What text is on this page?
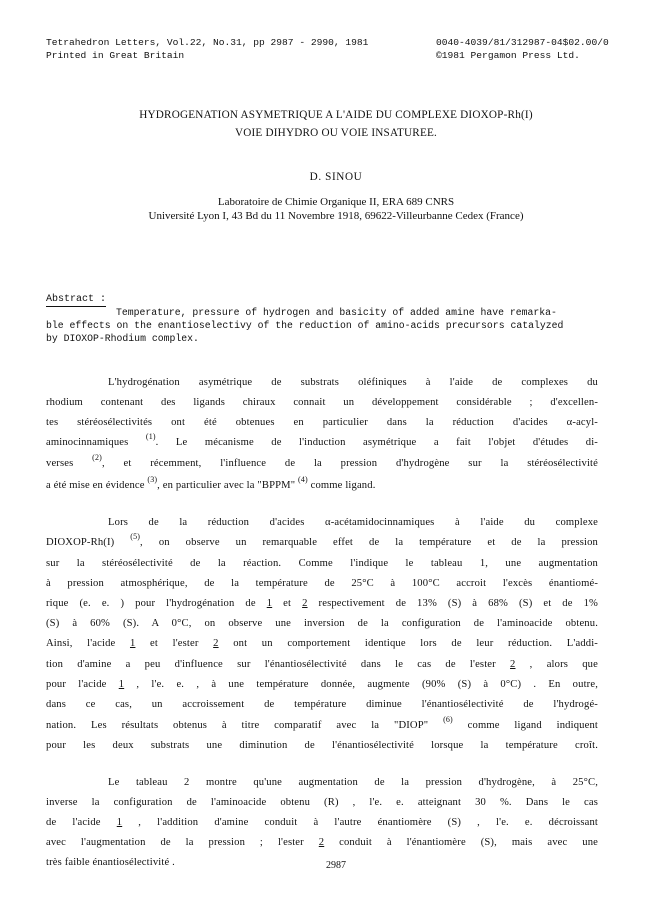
Tetrahedron Letters, Vol.22, No.31, pp 2987 - 2990, 1981
Printed in Great Britain
0040-4039/81/312987-04$02.00/0
©1981 Pergamon Press Ltd.
HYDROGENATION ASYMETRIQUE A L'AIDE DU COMPLEXE DIOXOP-Rh(I)
VOIE DIHYDRO OU VOIE INSATUREE.
D. SINOU
Laboratoire de Chimie Organique II, ERA 689 CNRS
Université Lyon I, 43 Bd du 11 Novembre 1918, 69622-Villeurbanne Cedex (France)
Abstract :
Temperature, pressure of hydrogen and basicity of added amine have remarka-
ble effects on the enantioselectivy of the reduction of amino-acids precursors catalyzed
by DIOXOP-Rhodium complex.
L'hydrogénation asymétrique de substrats oléfiniques à l'aide de complexes du
rhodium contenant des ligands chiraux connait un développement considérable ; d'excellen-
tes stéréosélectivités ont été obtenues en particulier dans la réduction d'acides α-acyl-
aminocinnamiques $^{(1)}$. Le mécanisme de l'induction asymétrique a fait l'objet d'études di-
verses $^{(2)}$, et récemment, l'influence de la pression d'hydrogène sur la stéréosélectivité
a été mise en évidence $^{(3)}$, en particulier avec la "BPPM" $^{(4)}$ comme ligand.
Lors de la réduction d'acides α-acétamidocinnamiques à l'aide du complexe
DIOXOP-Rh(I) $^{(5)}$, on observe un remarquable effet de la température et de la pression
sur la stéréosélectivité de la réaction. Comme l'indique le tableau 1, une augmentation
à pression atmosphérique, de la température de 25°C à 100°C accroit l'excès énantiomé-
rique (e. e. ) pour l'hydrogénation de 1 et 2 respectivement de 13% (S) à 68% (S) et de 1%
(S) à 60% (S). A 0°C, on observe une inversion de la configuration de l'aminoacide obtenu.
Ainsi, l'acide 1 et l'ester 2 ont un comportement identique lors de leur réduction. L'addi-
tion d'amine a peu d'influence sur l'énantiosélectivité dans le cas de l'ester 2 , alors que
pour l'acide 1 , l'e. e. , à une température donnée, augmente (90% (S) à 0°C) . En outre,
dans ce cas, un accroissement de température diminue l'énantiosélectivité de l'hydrogé-
nation. Les résultats obtenus à titre comparatif avec la "DIOP" $^{(6)}$ comme ligand indiquent
pour les deux substrats une diminution de l'énantiosélectivité lorsque la température croît.
Le tableau 2 montre qu'une augmentation de la pression d'hydrogène, à 25°C,
inverse la configuration de l'aminoacide obtenu (R) , l'e. e. atteignant 30 %. Dans le cas
de l'acide 1 , l'addition d'amine conduit à l'autre énantiomère (S) , l'e. e. décroissant
avec l'augmentation de la pression ; l'ester 2 conduit à l'énantiomère (S), mais avec une
très faible énantiosélectivité .	2987
